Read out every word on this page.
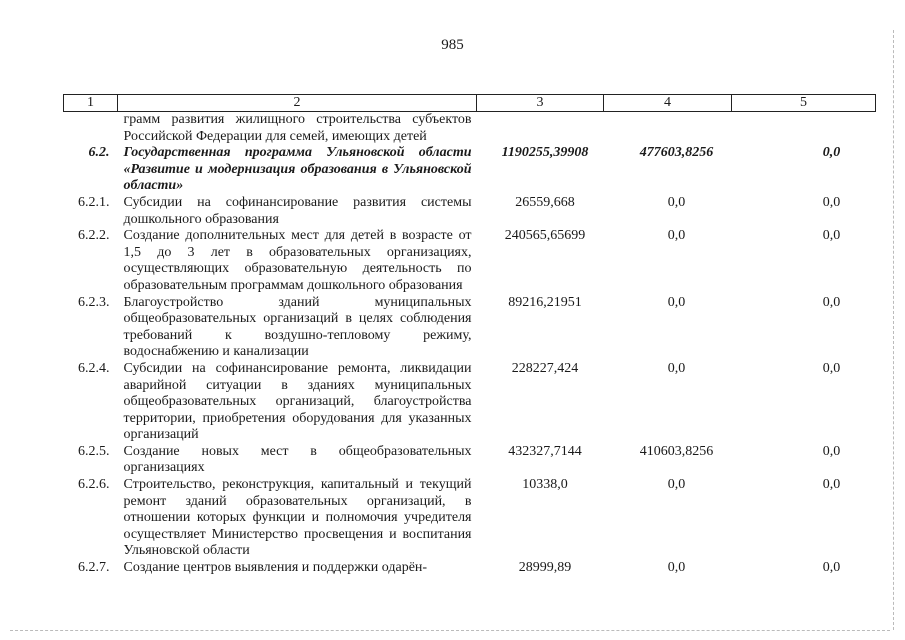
985
1	2	3	4	5
	грамм развития жилищного строительства субъектов Российской Федерации для семей, имеющих детей			
6.2.	Государственная программа Ульяновской области «Развитие и модернизация образования в Ульяновской области»	1190255,39908	477603,8256	0,0
6.2.1.	Субсидии на софинансирование развития системы дошкольного образования	26559,668	0,0	0,0
6.2.2.	Создание дополнительных мест для детей в возрасте от 1,5 до 3 лет в образовательных организациях, осуществляющих образовательную деятельность по образовательным программам дошкольного образования	240565,65699	0,0	0,0
6.2.3.	Благоустройство зданий муниципальных общеобразовательных организаций в целях соблюдения требований к воздушно-тепловому режиму, водоснабжению и канализации	89216,21951	0,0	0,0
6.2.4.	Субсидии на софинансирование ремонта, ликвидации аварийной ситуации в зданиях муниципальных общеобразовательных организаций, благоустройства территории, приобретения оборудования для указанных организаций	228227,424	0,0	0,0
6.2.5.	Создание новых мест в общеобразовательных организациях	432327,7144	410603,8256	0,0
6.2.6.	Строительство, реконструкция, капитальный и текущий ремонт зданий образовательных организаций, в отношении которых функции и полномочия учредителя осуществляет Министерство просвещения и воспитания Ульяновской области	10338,0	0,0	0,0
6.2.7.	Создание центров выявления и поддержки одарён-	28999,89	0,0	0,0
